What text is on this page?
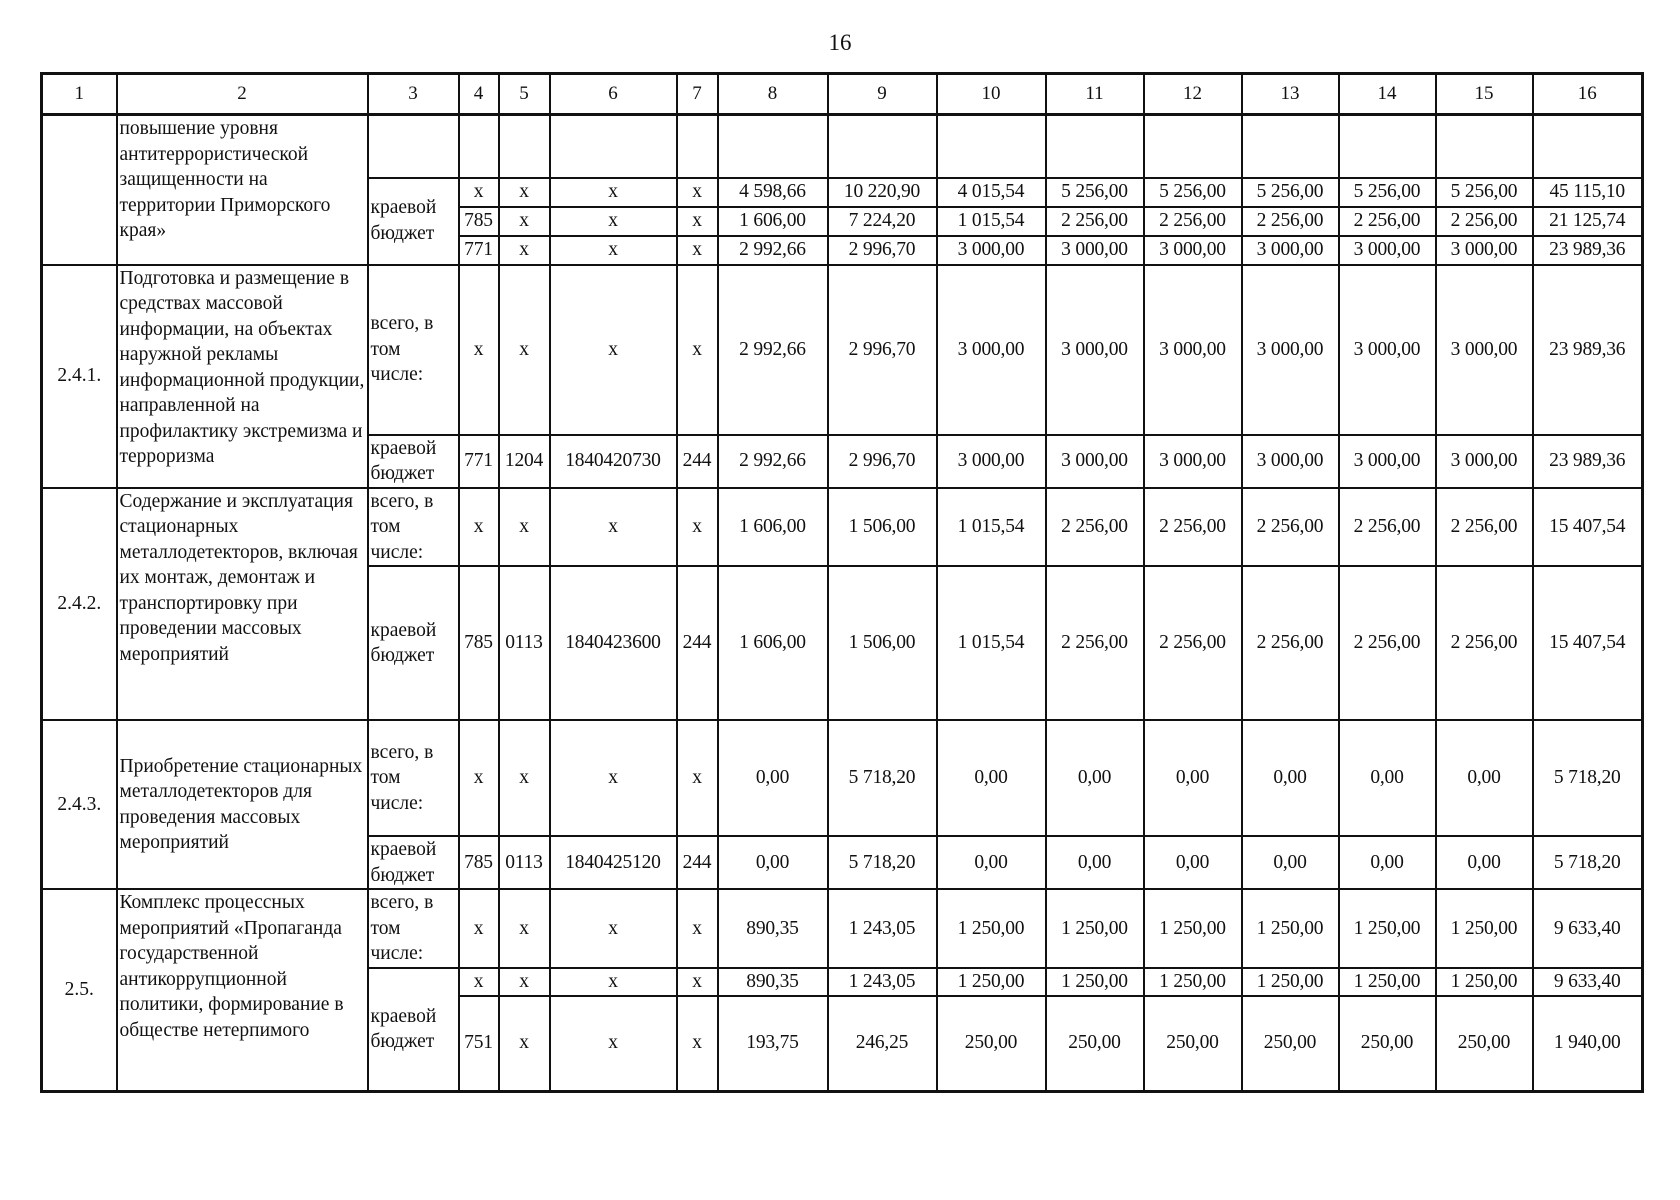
16
1	2	3	4	5	6	7	8	9	10	11	12	13	14	15	16
	повышение уровня антитеррористической защищенности на территории Приморского края»														
		краевой бюджет	x	x	x	x	4 598,66	10 220,90	4 015,54	5 256,00	5 256,00	5 256,00	5 256,00	5 256,00	45 115,10
			785	x	x	x	1 606,00	7 224,20	1 015,54	2 256,00	2 256,00	2 256,00	2 256,00	2 256,00	21 125,74
			771	x	x	x	2 992,66	2 996,70	3 000,00	3 000,00	3 000,00	3 000,00	3 000,00	3 000,00	23 989,36
2.4.1.	Подготовка и размещение в средствах массовой информации, на объектах наружной рекламы информационной продукции, направленной на профилактику экстремизма и терроризма	всего, в том числе:	x	x	x	x	2 992,66	2 996,70	3 000,00	3 000,00	3 000,00	3 000,00	3 000,00	3 000,00	23 989,36
		краевой бюджет	771	1204	1840420730	244	2 992,66	2 996,70	3 000,00	3 000,00	3 000,00	3 000,00	3 000,00	3 000,00	23 989,36
2.4.2.	Содержание и эксплуатация стационарных металлодетекторов, включая их монтаж, демонтаж и транспортировку при проведении массовых мероприятий	всего, в том числе:	x	x	x	x	1 606,00	1 506,00	1 015,54	2 256,00	2 256,00	2 256,00	2 256,00	2 256,00	15 407,54
		краевой бюджет	785	0113	1840423600	244	1 606,00	1 506,00	1 015,54	2 256,00	2 256,00	2 256,00	2 256,00	2 256,00	15 407,54
2.4.3.	Приобретение стационарных металлодетекторов для проведения массовых мероприятий	всего, в том числе:	x	x	x	x	0,00	5 718,20	0,00	0,00	0,00	0,00	0,00	0,00	5 718,20
		краевой бюджет	785	0113	1840425120	244	0,00	5 718,20	0,00	0,00	0,00	0,00	0,00	0,00	5 718,20
2.5.	Комплекс процессных мероприятий «Пропаганда государственной антикоррупционной политики, формирование в обществе нетерпимого	всего, в том числе:	x	x	x	x	890,35	1 243,05	1 250,00	1 250,00	1 250,00	1 250,00	1 250,00	1 250,00	9 633,40
		краевой бюджет	x	x	x	x	890,35	1 243,05	1 250,00	1 250,00	1 250,00	1 250,00	1 250,00	1 250,00	9 633,40
			751	x	x	x	193,75	246,25	250,00	250,00	250,00	250,00	250,00	250,00	1 940,00
